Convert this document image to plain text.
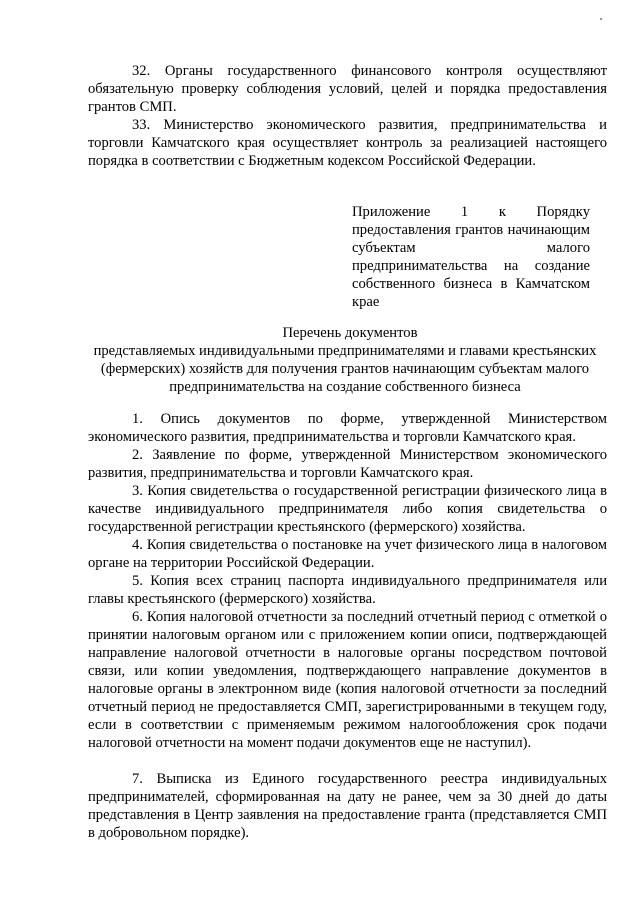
32. Органы государственного финансового контроля осуществляют обязательную проверку соблюдения условий, целей и порядка предоставления грантов СМП.

33. Министерство экономического развития, предпринимательства и торговли Камчатского края осуществляет контроль за реализацией настоящего порядка в соответствии с Бюджетным кодексом Российской Федерации.

Приложение 1 к Порядку предоставления грантов начинающим субъектам малого предпринимательства на создание собственного бизнеса в Камчатском крае

Перечень документов

представляемых индивидуальными предпринимателями и главами крестьянских (фермерских) хозяйств для получения грантов начинающим субъектам малого предпринимательства на создание собственного бизнеса

1. Опись документов по форме, утвержденной Министерством экономического развития, предпринимательства и торговли Камчатского края.

2. Заявление по форме, утвержденной Министерством экономического развития, предпринимательства и торговли Камчатского края.

3. Копия свидетельства о государственной регистрации физического лица в качестве индивидуального предпринимателя либо копия свидетельства о государственной регистрации крестьянского (фермерского) хозяйства.

4. Копия свидетельства о постановке на учет физического лица в налоговом органе на территории Российской Федерации.

5. Копия всех страниц паспорта индивидуального предпринимателя или главы крестьянского (фермерского) хозяйства.

6. Копия налоговой отчетности за последний отчетный период с отметкой о принятии налоговым органом или с приложением копии описи, подтверждающей направление налоговой отчетности в налоговые органы посредством почтовой связи, или копии уведомления, подтверждающего направление документов в налоговые органы в электронном виде (копия налоговой отчетности за последний отчетный период не предоставляется СМП, зарегистрированными в текущем году, если в соответствии с применяемым режимом налогообложения срок подачи налоговой отчетности на момент подачи документов еще не наступил).

7. Выписка из Единого государственного реестра индивидуальных предпринимателей, сформированная на дату не ранее, чем за 30 дней до даты представления в Центр заявления на предоставление гранта (представляется СМП в добровольном порядке).
